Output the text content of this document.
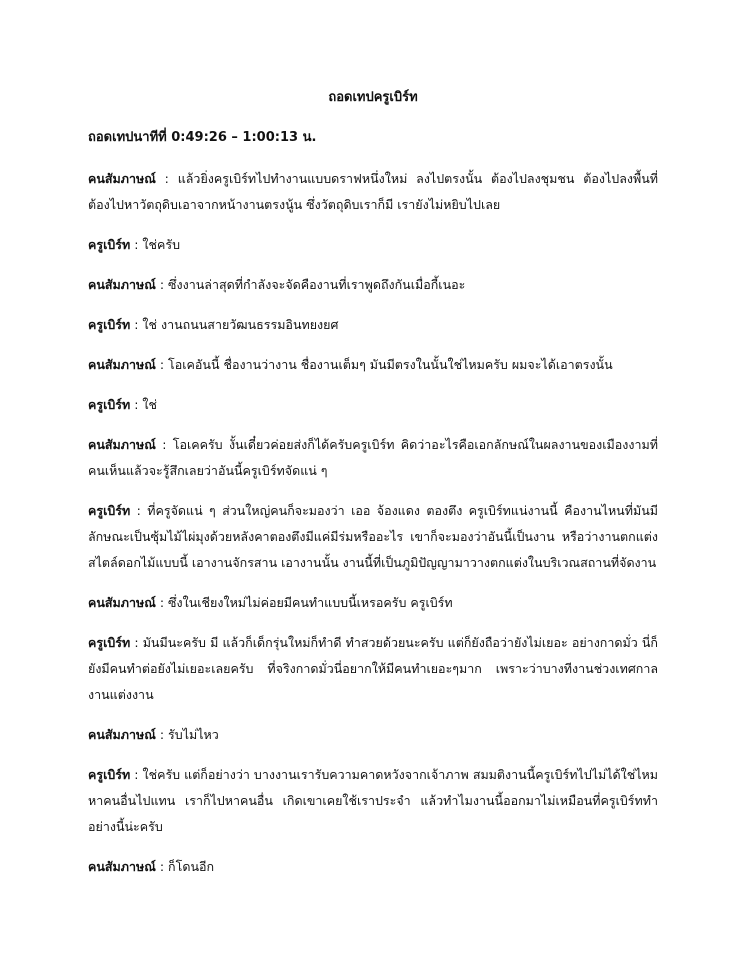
ถอดเทปครูเบิร์ท
ถอดเทปนาทีที่ 0:49:26 – 1:00:13 น.
คนสัมภาษณ์ : แล้วยิ่งครูเบิร์ทไปทำงานแบบดราฟหนึ่งใหม่ ลงไปตรงนั้น ต้องไปลงชุมชน ต้องไปลงพื้นที่ ต้องไปหาวัตถุดิบเอาจากหน้างานตรงนู้น ซึ่งวัตถุดิบเราก็มี เรายังไม่หยิบไปเลย
ครูเบิร์ท : ใช่ครับ
คนสัมภาษณ์ : ซึ่งงานล่าสุดที่กำลังจะจัดคืองานที่เราพูดถึงกันเมื่อกี้เนอะ
ครูเบิร์ท : ใช่ งานถนนสายวัฒนธรรมอินทยงยศ
คนสัมภาษณ์ : โอเคอันนี้ ชื่องานว่างาน ชื่องานเต็มๆ มันมีตรงในนั้นใช่ไหมครับ ผมจะได้เอาตรงนั้น
ครูเบิร์ท : ใช่
คนสัมภาษณ์ : โอเคครับ งั้นเดี๋ยวค่อยส่งก็ได้ครับครูเบิร์ท คิดว่าอะไรคือเอกลักษณ์ในผลงานของเมืองงามที่คนเห็นแล้วจะรู้สึกเลยว่าอันนี้ครูเบิร์ทจัดแน่ ๆ
ครูเบิร์ท : ที่ครูจัดแน่ ๆ ส่วนใหญ่คนก็จะมองว่า เออ จ้องแดง ตองตึง ครูเบิร์ทแน่งานนี้ คืองานไหนที่มันมีลักษณะเป็นซุ้มไม้ไผ่มุงด้วยหลังคาตองตึงมีแค่มีร่มหรืออะไร เขาก็จะมองว่าอันนี้เป็นงาน หรือว่างานตกแต่งสไตล์ดอกไม้แบบนี้ เอางานจักรสาน เอางานนั้น งานนี้ที่เป็นภูมิปัญญามาวางตกแต่งในบริเวณสถานที่จัดงาน
คนสัมภาษณ์ : ซึ่งในเชียงใหม่ไม่ค่อยมีคนทำแบบนี้เหรอครับ ครูเบิร์ท
ครูเบิร์ท : มันมีนะครับ มี แล้วก็เด็กรุ่นใหม่ก็ทำดี ทำสวยด้วยนะครับ แต่ก็ยังถือว่ายังไม่เยอะ อย่างกาดมั่ว นี่ก็ยังมีคนทำต่อยังไม่เยอะเลยครับ ที่จริงกาดมั่วนี่อยากให้มีคนทำเยอะๆมาก เพราะว่าบางทีงานช่วงเทศกาล งานแต่งงาน
คนสัมภาษณ์ : รับไม่ไหว
ครูเบิร์ท : ใช่ครับ แต่ก็อย่างว่า บางงานเรารับความคาดหวังจากเจ้าภาพ สมมติงานนี้ครูเบิร์ทไปไม่ได้ใช่ไหม หาคนอื่นไปแทน เราก็ไปหาคนอื่น เกิดเขาเคยใช้เราประจำ แล้วทำไมงานนี้ออกมาไม่เหมือนที่ครูเบิร์ททำอย่างนี้น่ะครับ
คนสัมภาษณ์ : ก็โดนอีก
